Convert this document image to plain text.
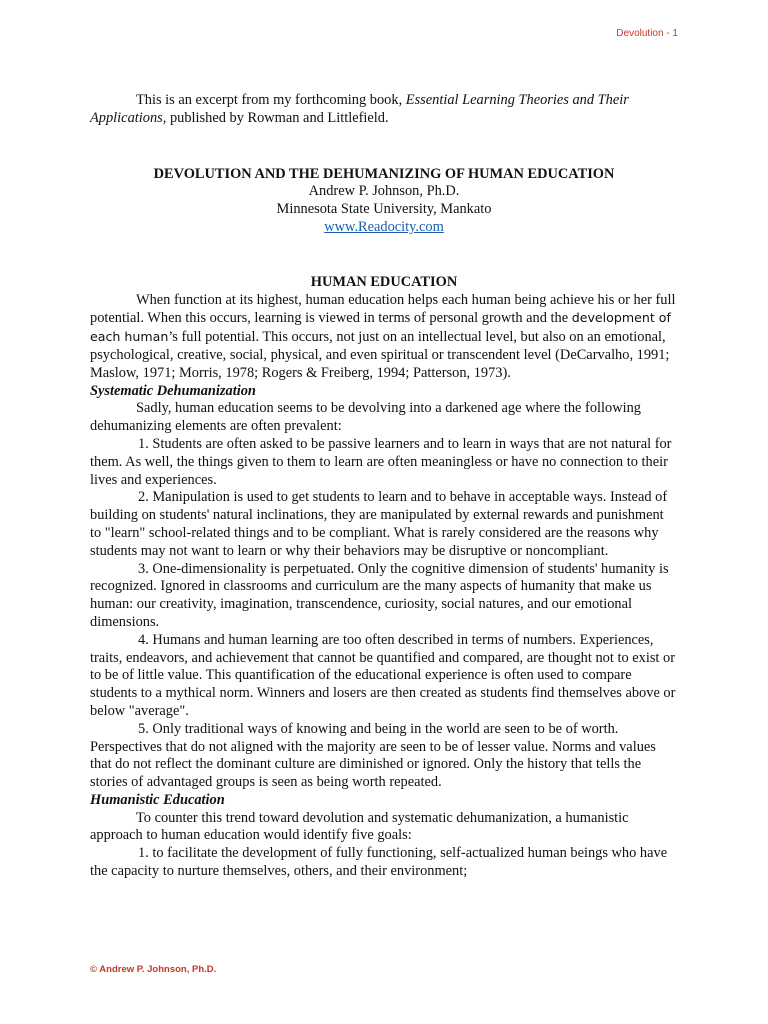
Devolution - 1

This is an excerpt from my forthcoming book, Essential Learning Theories and Their Applications, published by Rowman and Littlefield.

DEVOLUTION AND THE DEHUMANIZING OF HUMAN EDUCATION

Andrew P. Johnson, Ph.D.

Minnesota State University, Mankato

www.Readocity.com

HUMAN EDUCATION

When function at its highest, human education helps each human being achieve his or her full potential. When this occurs, learning is viewed in terms of personal growth and the development of each human’s full potential. This occurs, not just on an intellectual level, but also on an emotional, psychological, creative, social, physical, and even spiritual or transcendent level (DeCarvalho, 1991; Maslow, 1971; Morris, 1978; Rogers & Freiberg, 1994; Patterson, 1973).

Systematic Dehumanization

Sadly, human education seems to be devolving into a darkened age where the following dehumanizing elements are often prevalent:

1. Students are often asked to be passive learners and to learn in ways that are not natural for them. As well, the things given to them to learn are often meaningless or have no connection to their lives and experiences.

2. Manipulation is used to get students to learn and to behave in acceptable ways. Instead of building on students' natural inclinations, they are manipulated by external rewards and punishment to "learn" school-related things and to be compliant. What is rarely considered are the reasons why students may not want to learn or why their behaviors may be disruptive or noncompliant.

3. One-dimensionality is perpetuated. Only the cognitive dimension of students' humanity is recognized. Ignored in classrooms and curriculum are the many aspects of humanity that make us human: our creativity, imagination, transcendence, curiosity, social natures, and our emotional dimensions.

4. Humans and human learning are too often described in terms of numbers. Experiences, traits, endeavors, and achievement that cannot be quantified and compared, are thought not to exist or to be of little value. This quantification of the educational experience is often used to compare students to a mythical norm. Winners and losers are then created as students find themselves above or below "average".

5. Only traditional ways of knowing and being in the world are seen to be of worth. Perspectives that do not aligned with the majority are seen to be of lesser value. Norms and values that do not reflect the dominant culture are diminished or ignored. Only the history that tells the stories of advantaged groups is seen as being worth repeated.

Humanistic Education

To counter this trend toward devolution and systematic dehumanization, a humanistic approach to human education would identify five goals:

1. to facilitate the development of fully functioning, self-actualized human beings who have the capacity to nurture themselves, others, and their environment;

© Andrew P. Johnson, Ph.D.
